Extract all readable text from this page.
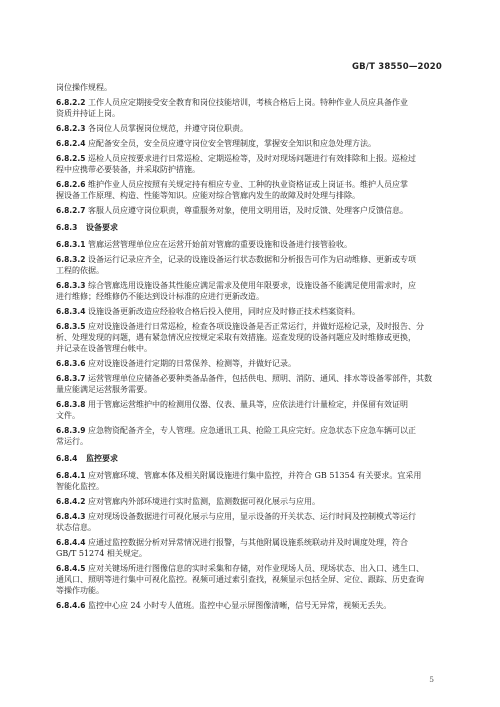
GB/T 38550—2020
岗位操作规程。
6.8.2.2 工作人员应定期接受安全教育和岗位技能培训，考核合格后上岗。特种作业人员应具备作业
资质并持证上岗。
6.8.2.3 各岗位人员掌握岗位规范，并遵守岗位职责。
6.8.2.4 应配备安全员，安全员应遵守岗位安全管理制度，掌握安全知识和应急处理方法。
6.8.2.5 巡检人员应按要求进行日常巡检、定期巡检等，及时对现场问题进行有效排除和上报。巡检过
程中应携带必要装备，并采取防护措施。
6.8.2.6 维护作业人员应按照有关规定持有相应专业、工种的执业资格证或上岗证书。维护人员应掌
握设备工作原理、构造、性能等知识。应能对综合管廊内发生的故障及时处理与排除。
6.8.2.7 客服人员应遵守岗位职责，尊重服务对象，使用文明用语，及时反馈、处理客户反馈信息。
6.8.3 设备要求
6.8.3.1 管廊运营管理单位应在运营开始前对管廊的重要设施和设备进行接管验收。
6.8.3.2 设备运行记录应齐全，记录的设施设备运行状态数据和分析报告可作为启动维修、更新或专项
工程的依据。
6.8.3.3 综合管廊选用设施设备其性能应满足需求及使用年限要求，设施设备不能满足使用需求时，应
进行维修；经维修仍不能达到设计标准的应进行更新改造。
6.8.3.4 设施设备更新改造应经验收合格后投入使用，同时应及时修正技术档案资料。
6.8.3.5 应对设施设备进行日常巡检，检查各项设施设备是否正常运行，并做好巡检记录，及时报告、分
析、处理发现的问题，遇有紧急情况应按规定采取有效措施。巡查发现的设备问题应及时维修或更换，
并记录在设备管理台帐中。
6.8.3.6 应对设施设备进行定期的日常保养、检测等，并做好记录。
6.8.3.7 运营管理单位应储备必要种类备品备件，包括供电、照明、消防、通风、排水等设备零部件，其数
量应能满足运营服务需要。
6.8.3.8 用于管廊运营维护中的检测用仪器、仪表、量具等，应依法进行计量检定，并保留有效证明
文件。
6.8.3.9 应急物资配备齐全，专人管理。应急通讯工具、抢险工具应完好。应急状态下应急车辆可以正
常运行。
6.8.4 监控要求
6.8.4.1 应对管廊环境、管廊本体及相关附属设施进行集中监控，并符合 GB 51354 有关要求。宜采用
智能化监控。
6.8.4.2 应对管廊内外部环境进行实时监测，监测数据可视化展示与应用。
6.8.4.3 应对现场设备数据进行可视化展示与应用，显示设备的开关状态、运行时间及控制模式等运行
状态信息。
6.8.4.4 应通过监控数据分析对异常情况进行报警，与其他附属设施系统联动并及时调度处理，符合
GB/T 51274 相关规定。
6.8.4.5 应对关键场所进行图像信息的实时采集和存储，对作业现场人员、现场状态、出入口、逃生口、
通风口、照明等进行集中可视化监控。视频可通过索引查找，视频显示包括全屏、定位、跟踪、历史查询
等操作功能。
6.8.4.6 监控中心应 24 小时专人值班。监控中心显示屏图像清晰，信号无异常，视频无丢失。
5
